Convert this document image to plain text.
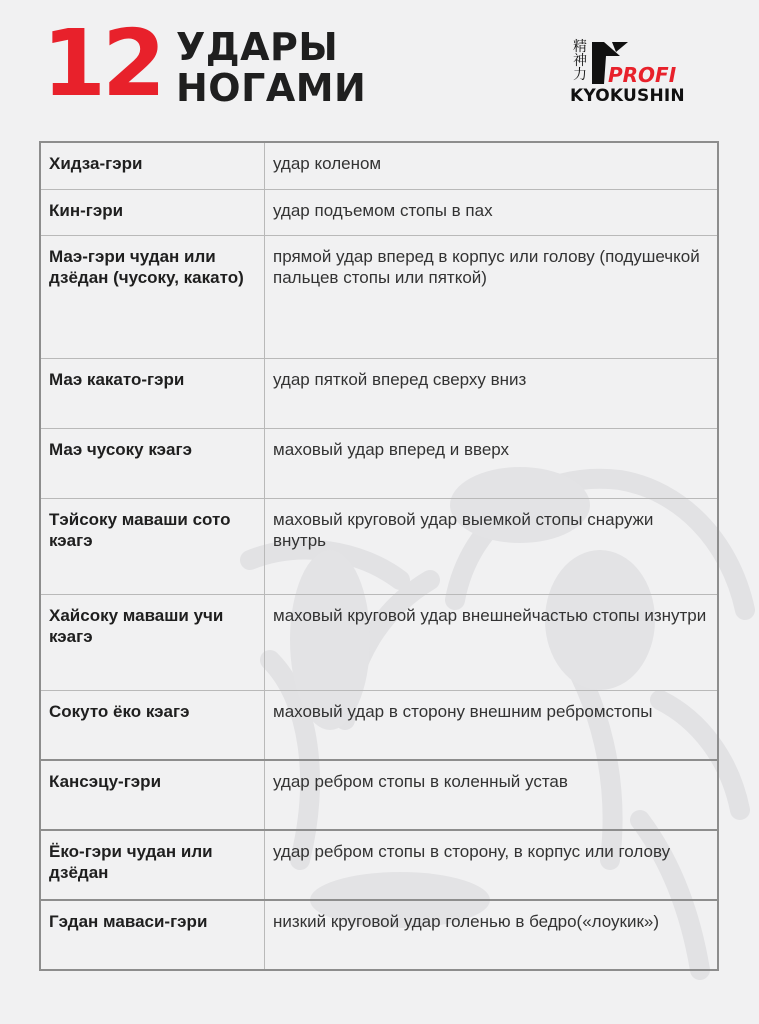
12 УДАРЫ
НОГАМИ
精
神
力 PROFI
KYOKUSHIN
Хидза-гэри	удар коленом
Кин-гэри	удар подъемом стопы в пах
Маэ-гэри чудан или дзёдан (чусоку, какато)	прямой удар вперед в корпус или голову (подушечкой пальцев стопы или пяткой)
Маэ какато-гэри	удар пяткой вперед сверху вниз
Маэ чусоку кэагэ	маховый удар вперед и вверх
Тэйсоку маваши сото кэагэ	маховый круговой удар выемкой стопы снаружи внутрь
Хайсоку маваши учи кэагэ	маховый круговой удар внешнейчастью стопы изнутри
Сокуто ёко кэагэ	маховый удар в сторону внешним ребромстопы
Кансэцу-гэри	удар ребром стопы в коленный устав
Ёко-гэри чудан или дзёдан	удар ребром стопы в сторону, в корпус или голову
Гэдан маваси-гэри	низкий круговой удар голенью в бедро(«лоукик»)
